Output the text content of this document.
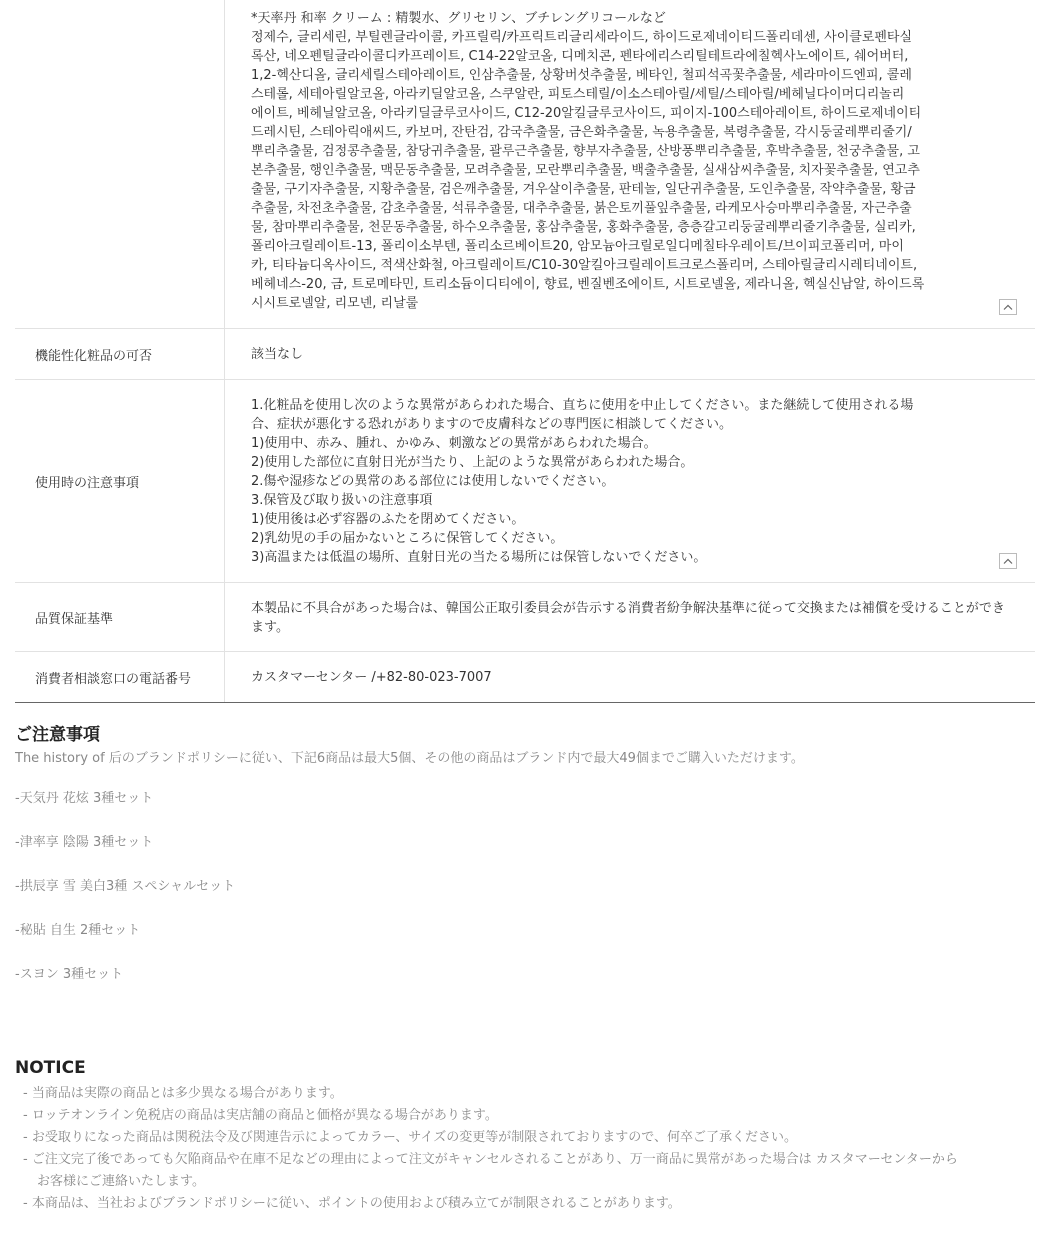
*天率丹 和率 クリーム : 精製水、グリセリン、ブチレングリコールなど
정제수, 글리세린, 부틸렌글라이콜, 카프릴릭/카프릭트리글리세라이드, 하이드로제네이티드폴리데센, 사이클로펜타실
록산, 네오펜틸글라이콜디카프레이트, C14-22알코올, 디메치콘, 펜타에리스리틸테트라에칠헥사노에이트, 쉐어버터,
1,2-헥산디올, 글리세릴스테아레이트, 인삼추출물, 상황버섯추출물, 베타인, 철피석곡꽃추출물, 세라마이드엔피, 콜레
스테롤, 세테아릴알코올, 아라키딜알코올, 스쿠알란, 피토스테릴/이소스테아릴/세틸/스테아릴/베헤닐다이머디리놀리
에이트, 베헤닐알코올, 아라키딜글루코사이드, C12-20알킬글루코사이드, 피이지-100스테아레이트, 하이드로제네이티
드레시틴, 스테아릭애씨드, 카보머, 잔탄검, 감국추출물, 금은화추출물, 녹용추출물, 복령추출물, 각시둥굴레뿌리줄기/
뿌리추출물, 검정콩추출물, 참당귀추출물, 괄루근추출물, 향부자추출물, 산방풍뿌리추출물, 후박추출물, 천궁추출물, 고
본추출물, 행인추출물, 맥문동추출물, 모려추출물, 모란뿌리추출물, 백출추출물, 실새삼씨추출물, 치자꽃추출물, 연고추
출물, 구기자추출물, 지황추출물, 검은깨추출물, 겨우살이추출물, 판테놀, 일단귀추출물, 도인추출물, 작약추출물, 황금
추출물, 차전초추출물, 감초추출물, 석류추출물, 대추추출물, 붉은토끼풀잎추출물, 라케모사승마뿌리추출물, 자근추출
물, 참마뿌리추출물, 천문동추출물, 하수오추출물, 홍삼추출물, 홍화추출물, 층층갈고리둥굴레뿌리줄기추출물, 실리카,
폴리아크릴레이트-13, 폴리이소부텐, 폴리소르베이트20, 암모늄아크릴로일디메칠타우레이트/브이피코폴리머, 마이
카, 티타늄디옥사이드, 적색산화철, 아크릴레이트/C10-30알킬아크릴레이트크로스폴리머, 스테아릴글리시레티네이트,
베헤네스-20, 금, 트로메타민, 트리소듐이디티에이, 향료, 벤질벤조에이트, 시트로넬올, 제라니올, 헥실신남알, 하이드록
시시트로넬알, 리모넨, 리날룰
機能性化粧品の可否	該当なし
使用時の注意事項
1.化粧品を使用し次のような異常があらわれた場合、直ちに使用を中止してください。また継続して使用される場
合、症状が悪化する恐れがありますので皮膚科などの専門医に相談してください。
1)使用中、赤み、腫れ、かゆみ、刺激などの異常があらわれた場合。
2)使用した部位に直射日光が当たり、上記のような異常があらわれた場合。
2.傷や湿疹などの異常のある部位には使用しないでください。
3.保管及び取り扱いの注意事項
1)使用後は必ず容器のふたを閉めてください。
2)乳幼児の手の届かないところに保管してください。
3)高温または低温の場所、直射日光の当たる場所には保管しないでください。
品質保証基準
本製品に不具合があった場合は、韓国公正取引委員会が告示する消費者紛争解決基準に従って交換または補償を受けることができます。
消費者相談窓口の電話番号	カスタマーセンター /+82-80-023-7007
ご注意事項
The history of 后のブランドポリシーに従い、下記6商品は最大5個、その他の商品はブランド内で最大49個までご購入いただけます。
-天気丹 花炫 3種セット
-津率享 陰陽 3種セット
-拱辰享 雪 美白3種 スペシャルセット
-秘貼 自生 2種セット
-スヨン 3種セット
NOTICE
- 当商品は実際の商品とは多少異なる場合があります。
- ロッテオンライン免税店の商品は実店舗の商品と価格が異なる場合があります。
- お受取りになった商品は関税法令及び関連告示によってカラー、サイズの変更等が制限されておりますので、何卒ご了承ください。
- ご注文完了後であっても欠陥商品や在庫不足などの理由によって注文がキャンセルされることがあり、万一商品に異常があった場合は カスタマーセンターから
お客様にご連絡いたします。
- 本商品は、当社およびブランドポリシーに従い、ポイントの使用および積み立てが制限されることがあります。
